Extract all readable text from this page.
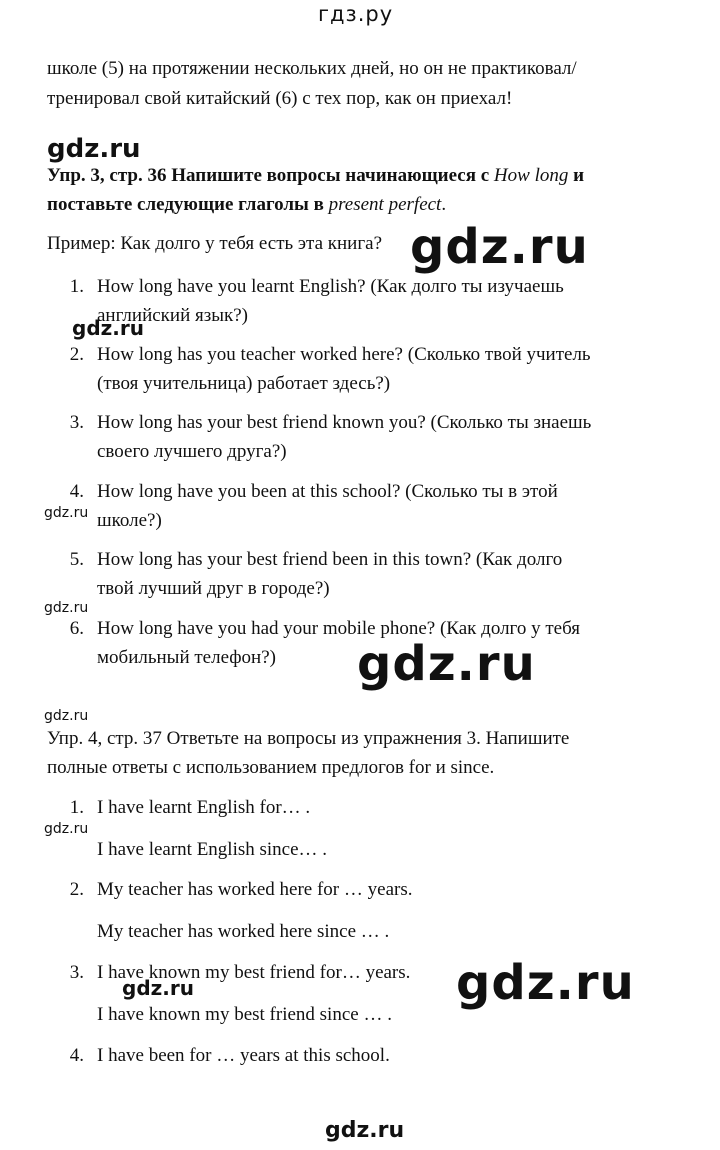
гдз.ру
школе (5) на протяжении нескольких дней, но он не практиковал/
тренировал свой китайский (6) с тех пор, как он приехал!
gdz.ru
gdz.ru
gdz.ru
gdz.ru
gdz.ru
gdz.ru
gdz.ru
gdz.ru
gdz.ru	gdz.ru
gdz.ru
Упр. 3, стр. 36 Напишите вопросы начинающиеся с How long и
поставьте следующие глаголы в present perfect.
Пример: Как долго у тебя есть эта книга?
1. How long have you learnt English? (Как долго ты изучаешь
английский язык?)
2. How long has you teacher worked here? (Сколько твой учитель
(твоя учительница) работает здесь?)
3. How long has your best friend known you? (Сколько ты знаешь
своего лучшего друга?)
4. How long have you been at this school? (Сколько ты в этой
школе?)
5. How long has your best friend been in this town? (Как долго
твой лучший друг в городе?)
6. How long have you had your mobile phone? (Как долго у тебя
мобильный телефон?)
Упр. 4, стр. 37 Ответьте на вопросы из упражнения 3. Напишите
полные ответы с использованием предлогов for и since.
1. I have learnt English for… .
I have learnt English since… .
2. My teacher has worked here for … years.
My teacher has worked here since … .
3. I have known my best friend for… years.
I have known my best friend since … .
4. I have been for … years at this school.
